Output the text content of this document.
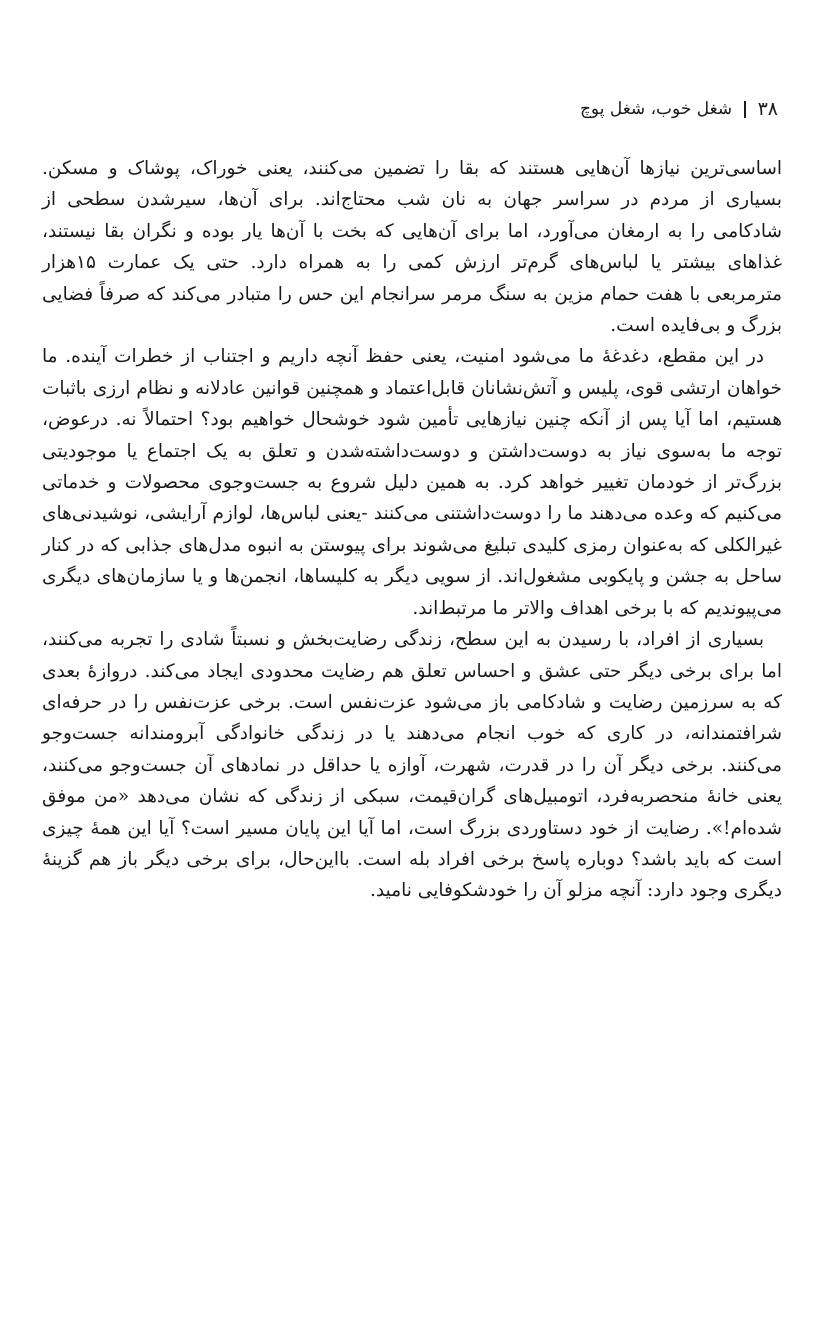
۳۸
شغل خوب، شغل پوچ

اساسی‌ترین نیازها آن‌هایی هستند که بقا را تضمین می‌کنند، یعنی خوراک، پوشاک و مسکن. بسیاری از مردم در سراسر جهان به نان شب محتاج‌اند. برای آن‌ها، سیرشدن سطحی از شادکامی را به ارمغان می‌آورد، اما برای آن‌هایی که بخت با آن‌ها یار بوده و نگران بقا نیستند، غذاهای بیشتر یا لباس‌های گرم‌تر ارزش کمی را به همراه دارد. حتی یک عمارت ۱۵هزار مترمربعی با هفت حمام مزین به سنگ مرمر سرانجام این حس را متبادر می‌کند که صرفاً فضایی بزرگ و بی‌فایده است.

در این مقطع، دغدغهٔ ما می‌شود امنیت، یعنی حفظ آنچه داریم و اجتناب از خطرات آینده. ما خواهان ارتشی قوی، پلیس و آتش‌نشانان قابل‌اعتماد و همچنین قوانین عادلانه و نظام ارزی باثبات هستیم، اما آیا پس از آنکه چنین نیازهایی تأمین شود خوشحال خواهیم بود؟ احتمالاً نه. درعوض، توجه ما به‌سوی نیاز به دوست‌داشتن و دوست‌داشته‌شدن و تعلق به یک اجتماع یا موجودیتی بزرگ‌تر از خودمان تغییر خواهد کرد. به همین دلیل شروع به جست‌وجوی محصولات و خدماتی می‌کنیم که وعده می‌دهند ما را دوست‌داشتنی می‌کنند -یعنی لباس‌ها، لوازم آرایشی، نوشیدنی‌های غیرالکلی که به‌عنوان رمزی کلیدی تبلیغ می‌شوند برای پیوستن به انبوه مدل‌های جذابی که در کنار ساحل به جشن و پایکوبی مشغول‌اند. از سویی دیگر به کلیساها، انجمن‌ها و یا سازمان‌های دیگری می‌پیوندیم که با برخی اهداف والاتر ما مرتبط‌اند.

بسیاری از افراد، با رسیدن به این سطح، زندگی رضایت‌بخش و نسبتاً شادی را تجربه می‌کنند، اما برای برخی دیگر حتی عشق و احساس تعلق هم رضایت محدودی ایجاد می‌کند. دروازهٔ بعدی که به سرزمین رضایت و شادکامی باز می‌شود عزت‌نفس است. برخی عزت‌نفس را در حرفه‌ای شرافتمندانه، در کاری که خوب انجام می‌دهند یا در زندگی خانوادگی آبرومندانه جست‌وجو می‌کنند. برخی دیگر آن را در قدرت، شهرت، آوازه یا حداقل در نمادهای آن جست‌وجو می‌کنند، یعنی خانهٔ منحصربه‌فرد، اتومبیل‌های گران‌قیمت، سبکی از زندگی که نشان می‌دهد «من موفق شده‌ام!». رضایت از خود دستاوردی بزرگ است، اما آیا این پایان مسیر است؟ آیا این همهٔ چیزی است که باید باشد؟ دوباره پاسخ برخی افراد بله است. بااین‌حال، برای برخی دیگر باز هم گزینهٔ دیگری وجود دارد: آنچه مزلو آن را خودشکوفایی نامید.
